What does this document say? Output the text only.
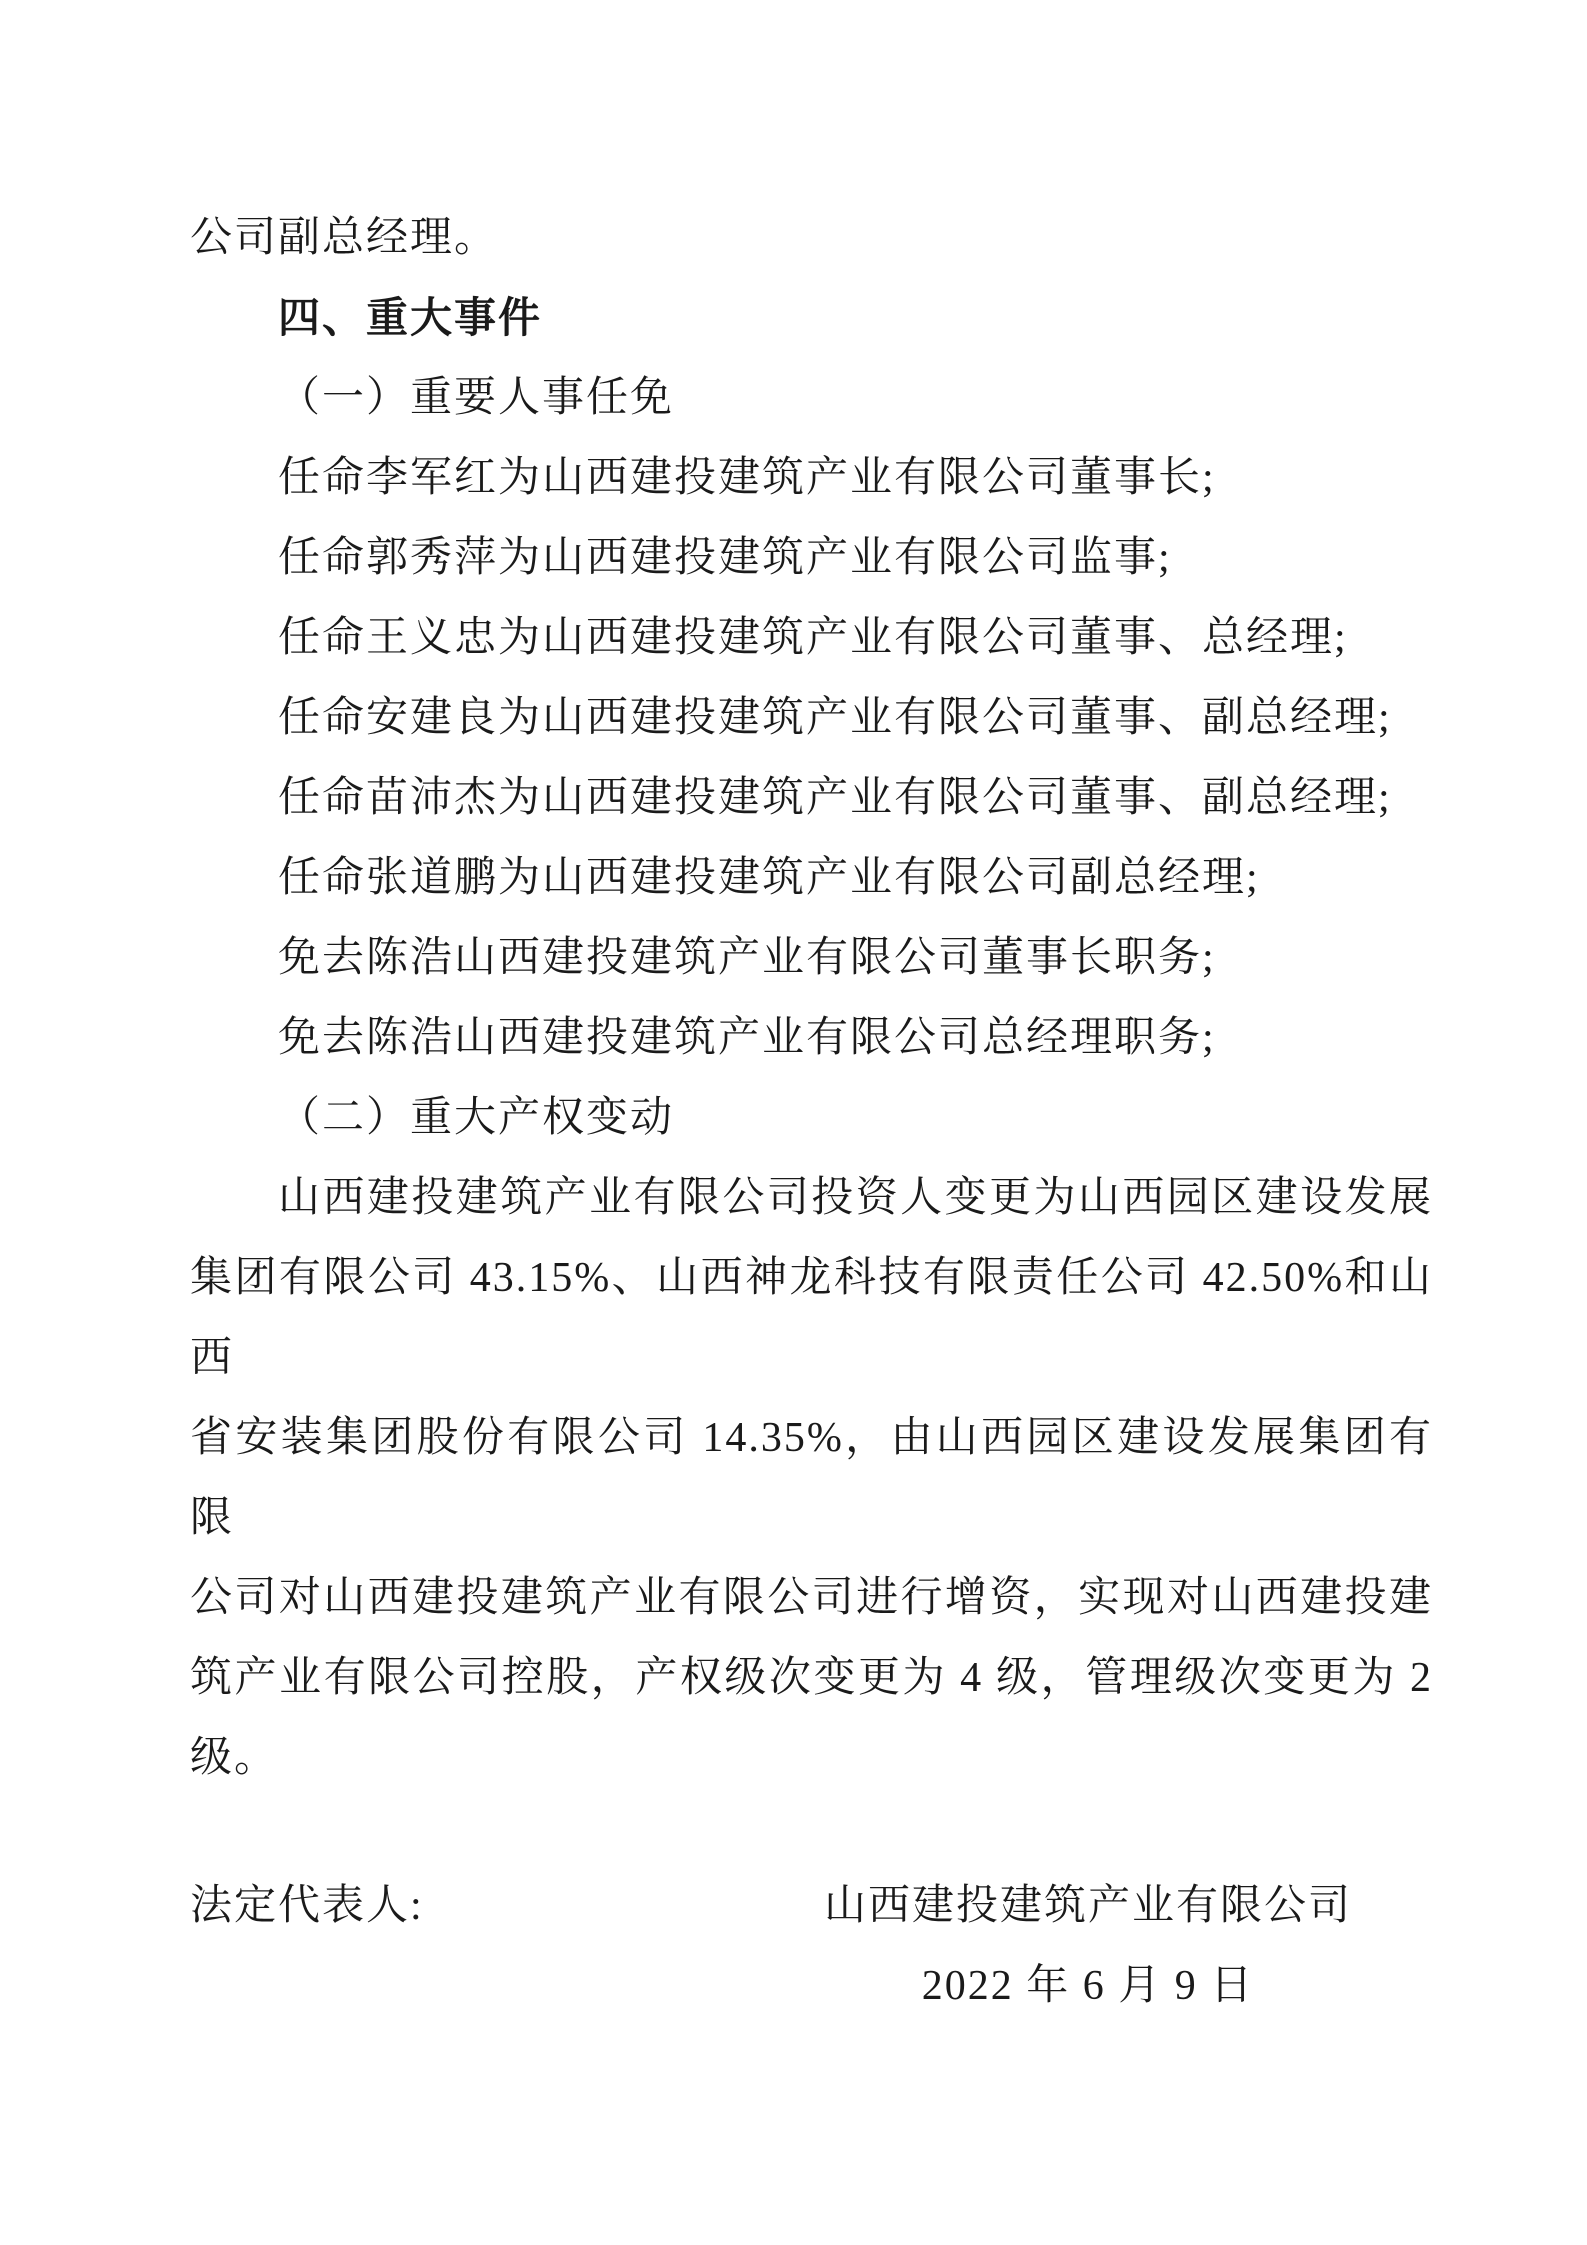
公司副总经理。
四、重大事件
（一）重要人事任免
任命李军红为山西建投建筑产业有限公司董事长;
任命郭秀萍为山西建投建筑产业有限公司监事;
任命王义忠为山西建投建筑产业有限公司董事、总经理;
任命安建良为山西建投建筑产业有限公司董事、副总经理;
任命苗沛杰为山西建投建筑产业有限公司董事、副总经理;
任命张道鹏为山西建投建筑产业有限公司副总经理;
免去陈浩山西建投建筑产业有限公司董事长职务;
免去陈浩山西建投建筑产业有限公司总经理职务;
（二）重大产权变动
山西建投建筑产业有限公司投资人变更为山西园区建设发展
集团有限公司 43.15%、山西神龙科技有限责任公司 42.50%和山西
省安装集团股份有限公司 14.35%，由山西园区建设发展集团有限
公司对山西建投建筑产业有限公司进行增资，实现对山西建投建
筑产业有限公司控股，产权级次变更为 4 级，管理级次变更为 2
级。
法定代表人:	山西建投建筑产业有限公司
2022 年 6 月 9 日
